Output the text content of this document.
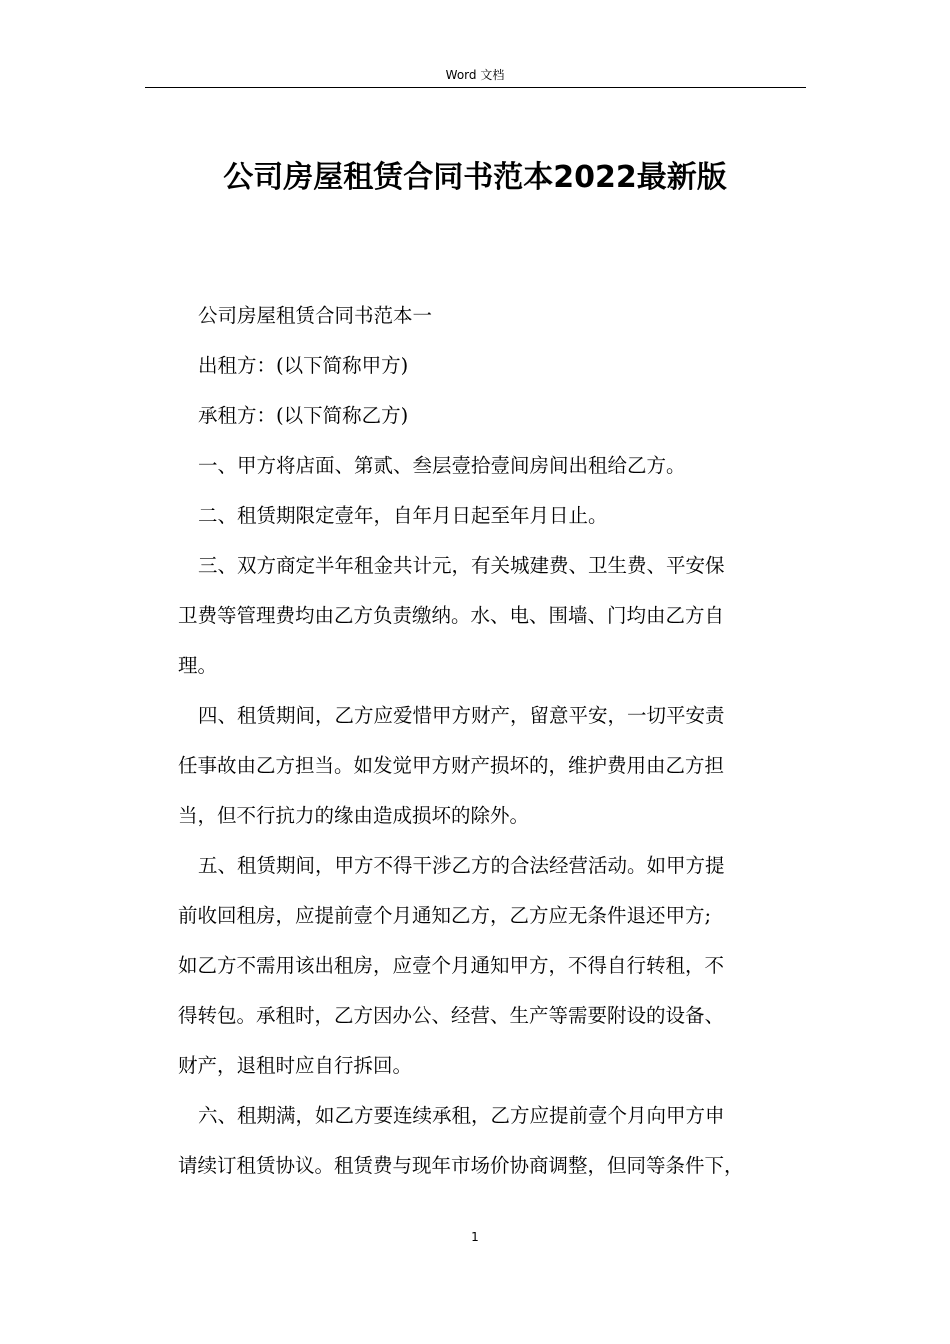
Word 文档
公司房屋租赁合同书范本2022最新版

公司房屋租赁合同书范本一

出租方：(以下简称甲方)

承租方：(以下简称乙方)

一、甲方将店面、第贰、叁层壹拾壹间房间出租给乙方。

二、租赁期限定壹年，自年月日起至年月日止。

三、双方商定半年租金共计元，有关城建费、卫生费、平安保
卫费等管理费均由乙方负责缴纳。水、电、围墙、门均由乙方自
理。

四、租赁期间，乙方应爱惜甲方财产，留意平安，一切平安责
任事故由乙方担当。如发觉甲方财产损坏的，维护费用由乙方担
当，但不行抗力的缘由造成损坏的除外。

五、租赁期间，甲方不得干涉乙方的合法经营活动。如甲方提
前收回租房，应提前壹个月通知乙方，乙方应无条件退还甲方;
如乙方不需用该出租房，应壹个月通知甲方，不得自行转租，不
得转包。承租时，乙方因办公、经营、生产等需要附设的设备、
财产，退租时应自行拆回。

六、租期满，如乙方要连续承租，乙方应提前壹个月向甲方申
请续订租赁协议。租赁费与现年市场价协商调整，但同等条件下，

1
